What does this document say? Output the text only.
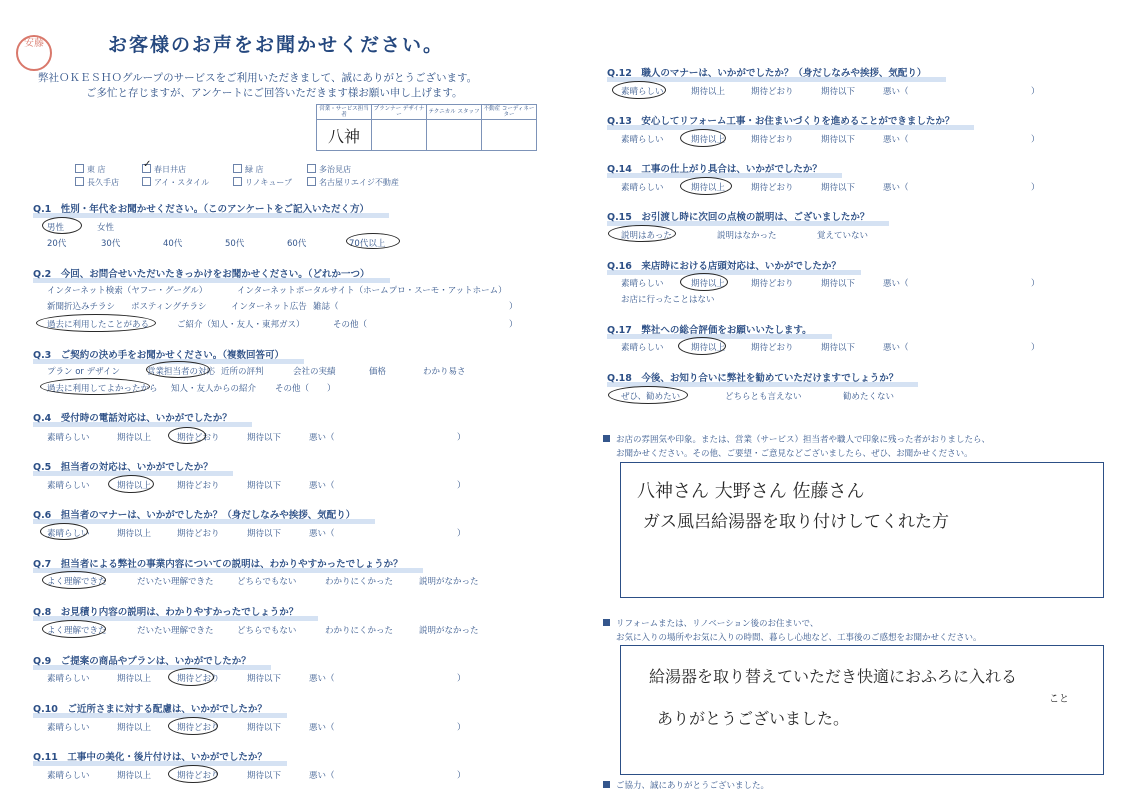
安藤	お客様のお声をお聞かせください。
弊社ＯＫＥＳＨＯグループのサービスをご利用いただきまして、誠にありがとうございます。
ご多忙と存じますが、アンケートにご回答いただきます様お願い申し上げます。
営業・サービス担当者	プランナー デザイナー	テクニカル スタッフ	不動産 コーディネーター
八神			
東 店	✓ 春日井店	緑 店	多治見店
長久手店	アイ・スタイル	リノキューブ	名古屋リエイジ不動産
Q.1　性別・年代をお聞かせください。（このアンケートをご記入いただく方）
男性	女性
20代	30代	40代	50代	60代	70代以上
Q.2　今回、お問合せいただいたきっかけをお聞かせください。（どれか一つ）
インターネット検索（ヤフー・グーグル）	インターネットポータルサイト（ホームプロ・スーモ・アットホーム）
新聞折込みチラシ ポスティングチラシ	インターネット広告 雑誌（	）
過去に利用したことがある	ご紹介（知人・友人・東邦ガス）	その他（	）
Q.3　ご契約の決め手をお聞かせください。（複数回答可）
プラン or デザイン	営業担当者の対応 近所の評判	会社の実績	価格	わかり易さ
過去に利用してよかったから 知人・友人からの紹介 その他（ ）
Q.4　受付時の電話対応は、いかがでしたか？
素晴らしい	期待以上	期待どおり	期待以下	悪い（	）
Q.5　担当者の対応は、いかがでしたか？
素晴らしい	期待以上	期待どおり	期待以下	悪い（	）
Q.6　担当者のマナーは、いかがでしたか？（身だしなみや挨拶、気配り）
素晴らしい	期待以上	期待どおり	期待以下	悪い（	）
Q.7　担当者による弊社の事業内容についての説明は、わかりやすかったでしょうか？
よく理解できた	だいたい理解できた	どちらでもない	わかりにくかった	説明がなかった
Q.8　お見積り内容の説明は、わかりやすかったでしょうか？
よく理解できた	だいたい理解できた	どちらでもない	わかりにくかった	説明がなかった
Q.9　ご提案の商品やプランは、いかがでしたか？
素晴らしい	期待以上	期待どおり	期待以下	悪い（	）
Q.10　ご近所さまに対する配慮は、いかがでしたか？
素晴らしい	期待以上	期待どおり	期待以下	悪い（	）
Q.11　工事中の美化・後片付けは、いかがでしたか？
素晴らしい	期待以上	期待どおり	期待以下	悪い（	）
Q.12　職人のマナーは、いかがでしたか？（身だしなみや挨拶、気配り）
素晴らしい	期待以上	期待どおり	期待以下	悪い（	）
Q.13　安心してリフォーム工事・お住まいづくりを進めることができましたか？
素晴らしい	期待以上	期待どおり	期待以下	悪い（	）
Q.14　工事の仕上がり具合は、いかがでしたか？
素晴らしい	期待以上	期待どおり	期待以下	悪い（	）
Q.15　お引渡し時に次回の点検の説明は、ございましたか？
説明はあった	説明はなかった	覚えていない
Q.16　来店時における店頭対応は、いかがでしたか？
素晴らしい	期待以上	期待どおり	期待以下	悪い（	）
お店に行ったことはない
Q.17　弊社への総合評価をお願いいたします。
素晴らしい	期待以上	期待どおり	期待以下	悪い（	）
Q.18　今後、お知り合いに弊社を勧めていただけますでしょうか？
ぜひ、勧めたい	どちらとも言えない	勧めたくない
お店の雰囲気や印象。または、営業（サービス）担当者や職人で印象に残った者がおりましたら、
お聞かせください。その他、ご要望・ご意見などございましたら、ぜひ、お聞かせください。
八神さん 大野さん 佐藤さん
ガス風呂給湯器を取り付けしてくれた方
リフォームまたは、リノベーション後のお住まいで、
お気に入りの場所やお気に入りの時間、暮らし心地など、工事後のご感想をお聞かせください。
給湯器を取り替えていただき快適におふろに入れる
こと
ありがとうございました。
ご協力、誠にありがとうございました。
